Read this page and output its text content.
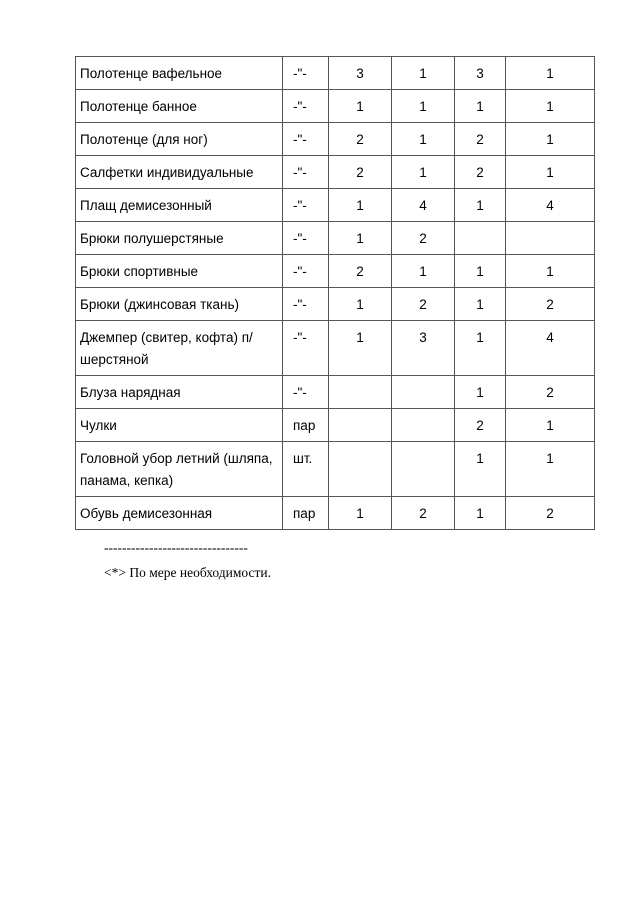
Полотенце вафельное	-"-	3	1	3	1
Полотенце банное	-"-	1	1	1	1
Полотенце (для ног)	-"-	2	1	2	1
Салфетки индивидуальные	-"-	2	1	2	1
Плащ демисезонный	-"-	1	4	1	4
Брюки полушерстяные	-"-	1	2		
Брюки спортивные	-"-	2	1	1	1
Брюки (джинсовая ткань)	-"-	1	2	1	2
Джемпер (свитер, кофта) п/шерстяной	-"-	1	3	1	4
Блуза нарядная	-"-			1	2
Чулки	пар			2	1
Головной убор летний (шляпа, панама, кепка)	шт.			1	1
Обувь демисезонная	пар	1	2	1	2
--------------------------------
<*> По мере необходимости.
